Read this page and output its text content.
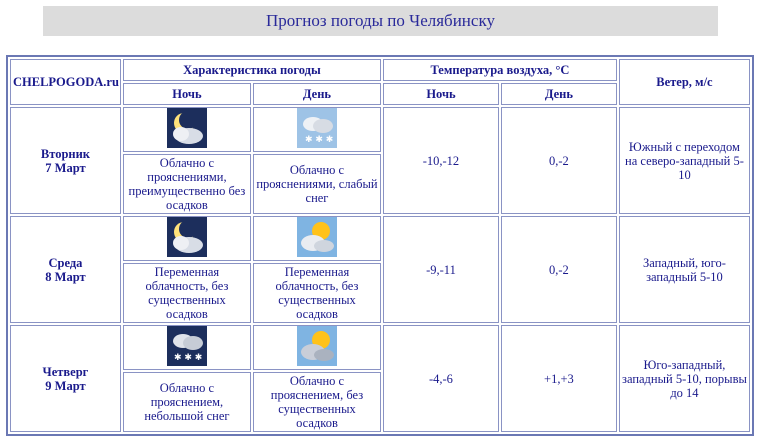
Прогноз погоды по Челябинску
CHELPOGODA.ru	Характеристика погоды		Температура воздуха, °С		Ветер, м/с
	Ночь	День	Ночь	День	
Вторник
7 Март		✱ ✱ ✱	-10,-12	0,-2	Южный с переходом на северо-западный 5-10
	Облачно с прояснениями, преимущественно без осадков	Облачно с прояснениями, слабый снег			
Среда
8 Март			-9,-11	0,-2	Западный, юго-западный 5-10
	Переменная облачность, без существенных осадков	Переменная облачность, без существенных осадков			
Четверг
9 Март	✱ ✱ ✱		-4,-6	+1,+3	Юго-западный, западный 5-10, порывы до 14
	Облачно с прояснением, небольшой снег	Облачно с прояснением, без существенных осадков			
